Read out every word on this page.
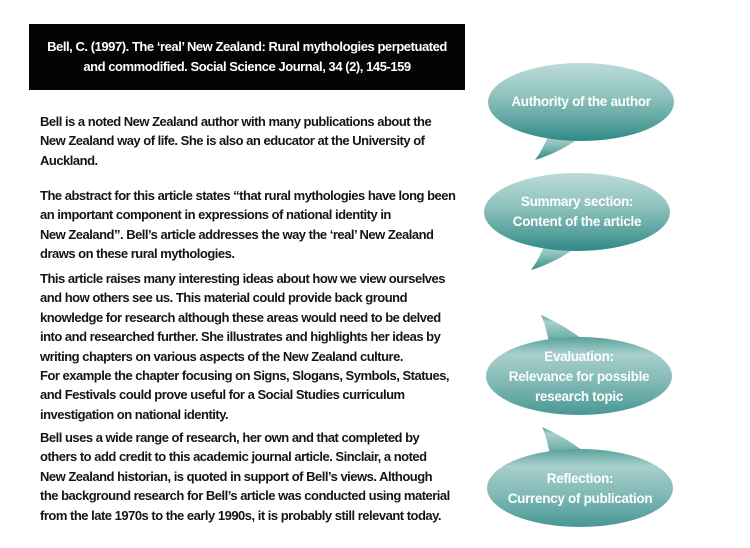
Bell, C. (1997). The ‘real’ New Zealand: Rural mythologies perpetuated
and commodified. Social Science Journal, 34 (2), 145-159
Bell is a noted New Zealand author with many publications about the
New Zealand way of life. She is also an educator at the University of
Auckland.
The abstract for this article states “that rural mythologies have long been
an important component in expressions of national identity in
New Zealand”. Bell’s article addresses the way the ‘real’ New Zealand
draws on these rural mythologies.
This article raises many interesting ideas about how we view ourselves
and how others see us. This material could provide back ground
knowledge for research although these areas would need to be delved
into and researched further. She illustrates and highlights her ideas by
writing chapters on various aspects of the New Zealand culture.
For example the chapter focusing on Signs, Slogans, Symbols, Statues,
and Festivals could prove useful for a Social Studies curriculum
investigation on national identity.
Bell uses a wide range of research, her own and that completed by
others to add credit to this academic journal article. Sinclair, a noted
New Zealand historian, is quoted in support of Bell’s views. Although
the background research for Bell’s article was conducted using material
from the late 1970s to the early 1990s, it is probably still relevant today.
Authority of the author
Summary section:
Content of the article
Evaluation:
Relevance for possible
research topic
Reflection:
Currency of publication
